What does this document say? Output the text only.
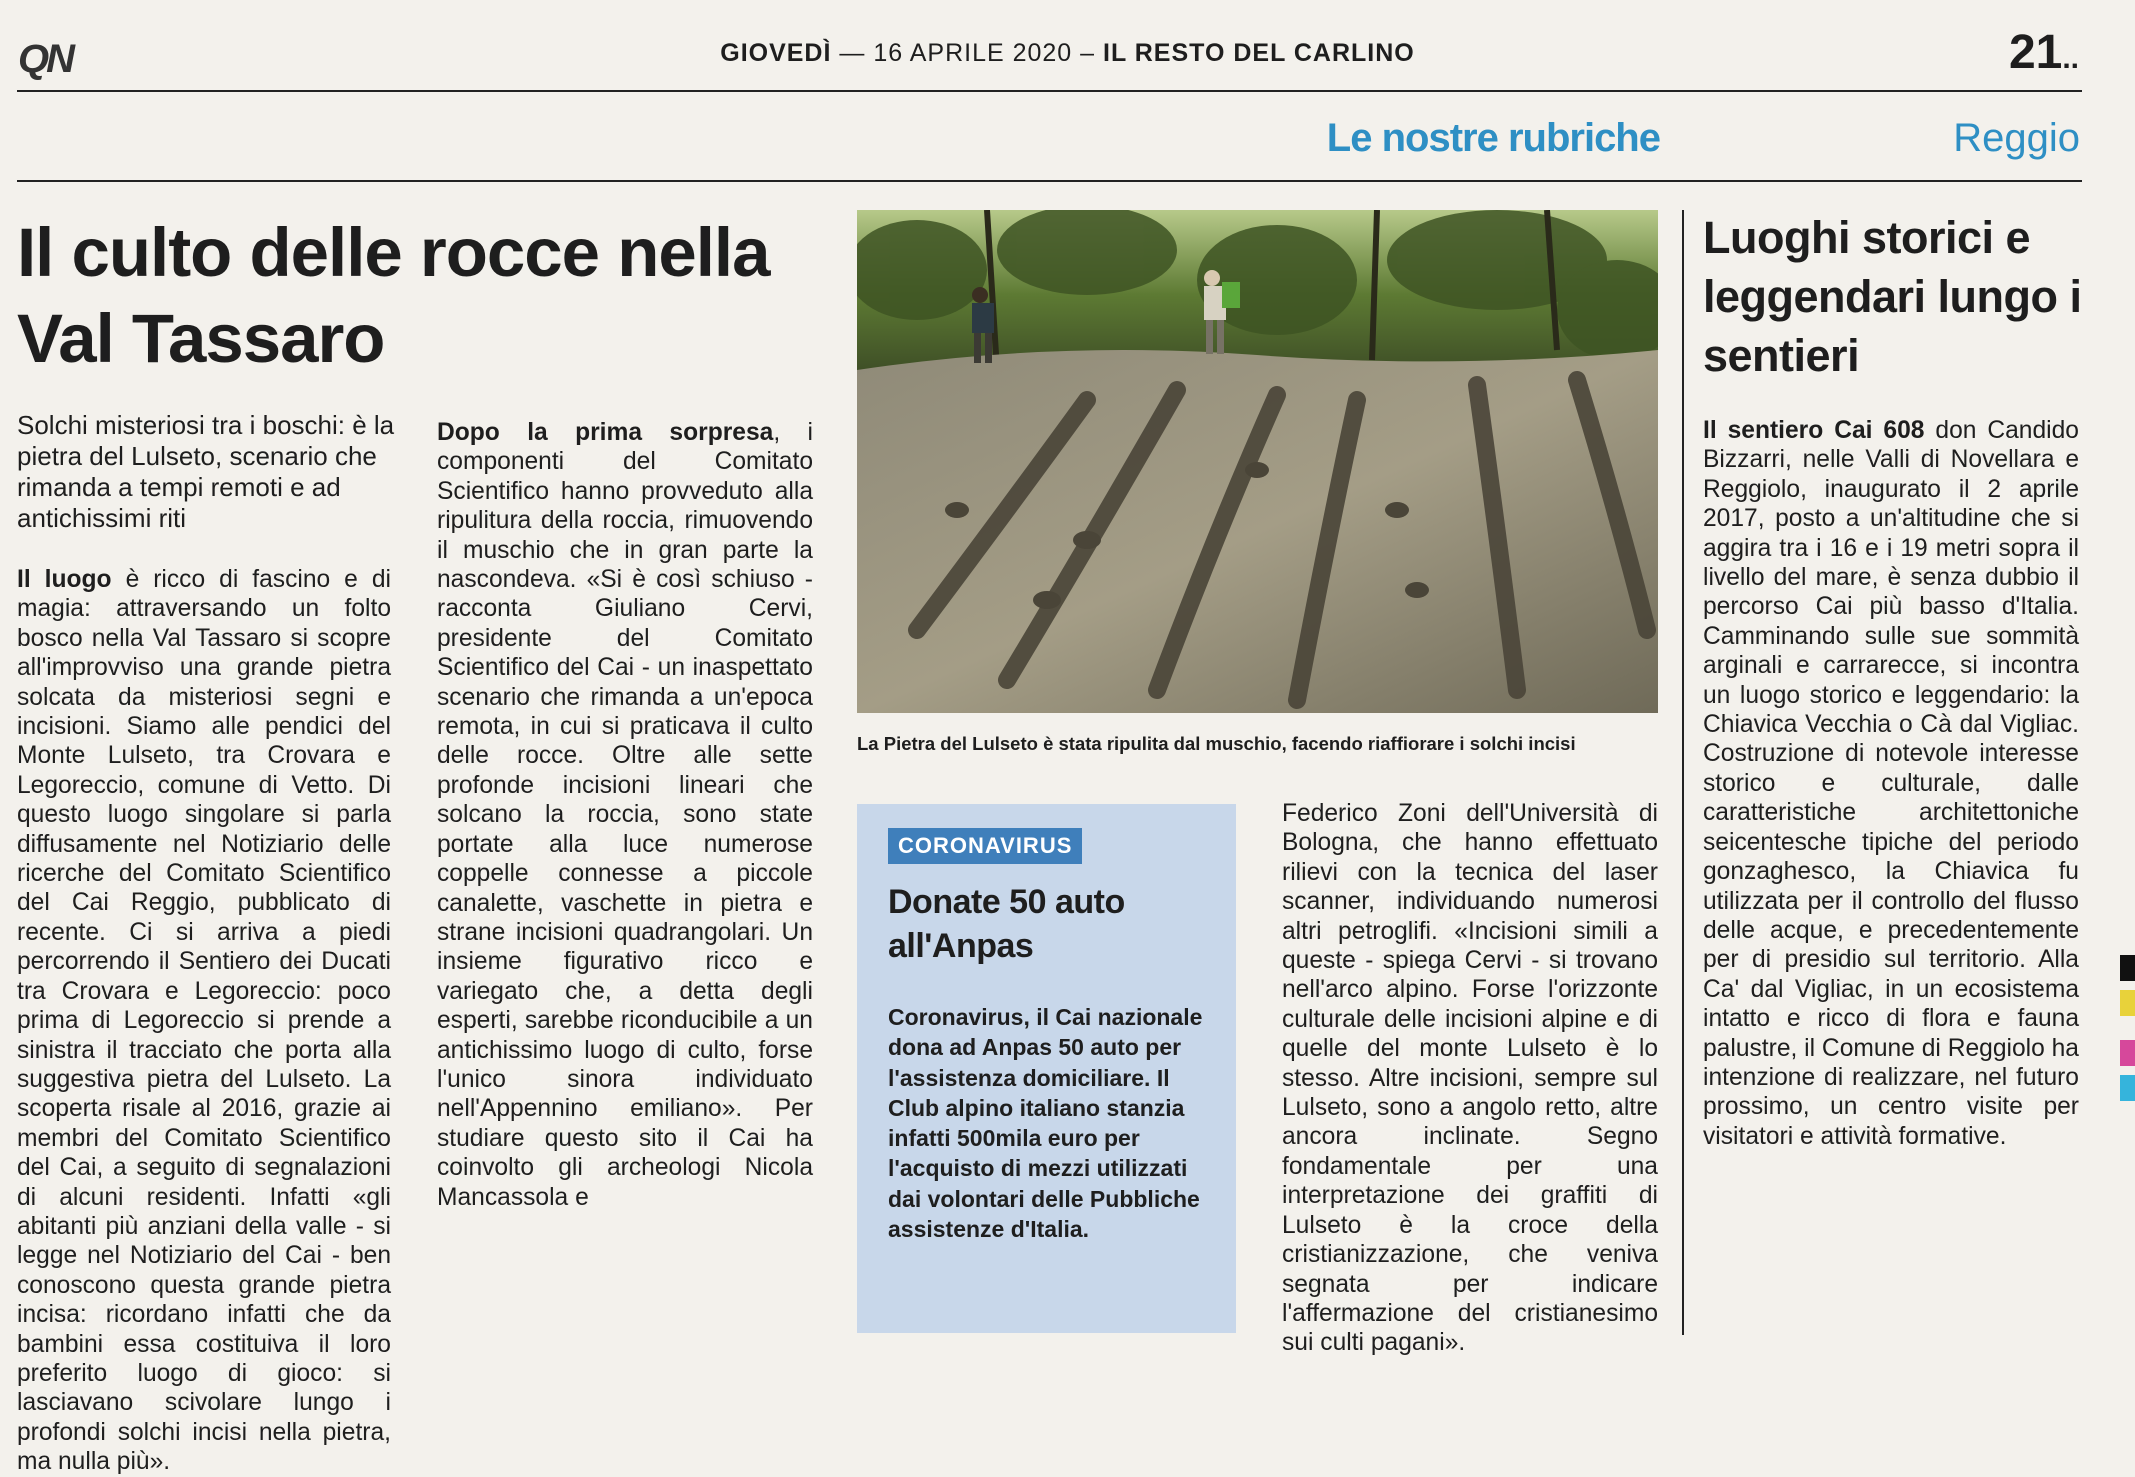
QN	GIOVEDÌ — 16 APRILE 2020 – IL RESTO DEL CARLINO	21..
Le nostre rubriche	Reggio
Il culto delle rocce nella Val Tassaro
Solchi misteriosi tra i boschi: è la pietra del Lulseto, scenario che rimanda a tempi remoti e ad antichissimi riti
Il luogo è ricco di fascino e di magia: attraversando un folto bosco nella Val Tassaro si scopre all'improvviso una grande pietra solcata da misteriosi segni e incisioni. Siamo alle pendici del Monte Lulseto, tra Crovara e Legoreccio, comune di Vetto. Di questo luogo singolare si parla diffusamente nel Notiziario delle ricerche del Comitato Scientifico del Cai Reggio, pubblicato di recente. Ci si arriva a piedi percorrendo il Sentiero dei Ducati tra Crovara e Legoreccio: poco prima di Legoreccio si prende a sinistra il tracciato che porta alla suggestiva pietra del Lulseto. La scoperta risale al 2016, grazie ai membri del Comitato Scientifico del Cai, a seguito di segnalazioni di alcuni residenti. Infatti «gli abitanti più anziani della valle - si legge nel Notiziario del Cai - ben conoscono questa grande pietra incisa: ricordano infatti che da bambini essa costituiva il loro preferito luogo di gioco: si lasciavano scivolare lungo i profondi solchi incisi nella pietra, ma nulla più».
Dopo la prima sorpresa, i componenti del Comitato Scientifico hanno provveduto alla ripulitura della roccia, rimuovendo il muschio che in gran parte la nascondeva. «Si è così schiuso - racconta Giuliano Cervi, presidente del Comitato Scientifico del Cai - un inaspettato scenario che rimanda a un'epoca remota, in cui si praticava il culto delle rocce. Oltre alle sette profonde incisioni lineari che solcano la roccia, sono state portate alla luce numerose coppelle connesse a piccole canalette, vaschette in pietra e strane incisioni quadrangolari. Un insieme figurativo ricco e variegato che, a detta degli esperti, sarebbe riconducibile a un antichissimo luogo di culto, forse l'unico sinora individuato nell'Appennino emiliano». Per studiare questo sito il Cai ha coinvolto gli archeologi Nicola Mancassola e
Federico Zoni dell'Università di Bologna, che hanno effettuato rilievi con la tecnica del laser scanner, individuando numerosi altri petroglifi. «Incisioni simili a queste - spiega Cervi - si trovano nell'arco alpino. Forse l'orizzonte culturale delle incisioni alpine e di quelle del monte Lulseto è lo stesso. Altre incisioni, sempre sul Lulseto, sono a angolo retto, altre ancora inclinate. Segno fondamentale per una interpretazione dei graffiti di Lulseto è la croce della cristianizzazione, che veniva segnata per indicare l'affermazione del cristianesimo sui culti pagani».
La Pietra del Lulseto è stata ripulita dal muschio, facendo riaffiorare i solchi incisi
CORONAVIRUS
Donate 50 auto all'Anpas
Coronavirus, il Cai nazionale dona ad Anpas 50 auto per l'assistenza domiciliare. Il Club alpino italiano stanzia infatti 500mila euro per l'acquisto di mezzi utilizzati dai volontari delle Pubbliche assistenze d'Italia.
Luoghi storici e leggendari lungo i sentieri
Il sentiero Cai 608 don Candido Bizzarri, nelle Valli di Novellara e Reggiolo, inaugurato il 2 aprile 2017, posto a un'altitudine che si aggira tra i 16 e i 19 metri sopra il livello del mare, è senza dubbio il percorso Cai più basso d'Italia. Camminando sulle sue sommità arginali e carrarecce, si incontra un luogo storico e leggendario: la Chiavica Vecchia o Cà dal Vigliac. Costruzione di notevole interesse storico e culturale, dalle caratteristiche architettoniche seicentesche tipiche del periodo gonzaghesco, la Chiavica fu utilizzata per il controllo del flusso delle acque, e precedentemente per di presidio sul territorio. Alla Ca' dal Vigliac, in un ecosistema intatto e ricco di flora e fauna palustre, il Comune di Reggiolo ha intenzione di realizzare, nel futuro prossimo, un centro visite per visitatori e attività formative.
